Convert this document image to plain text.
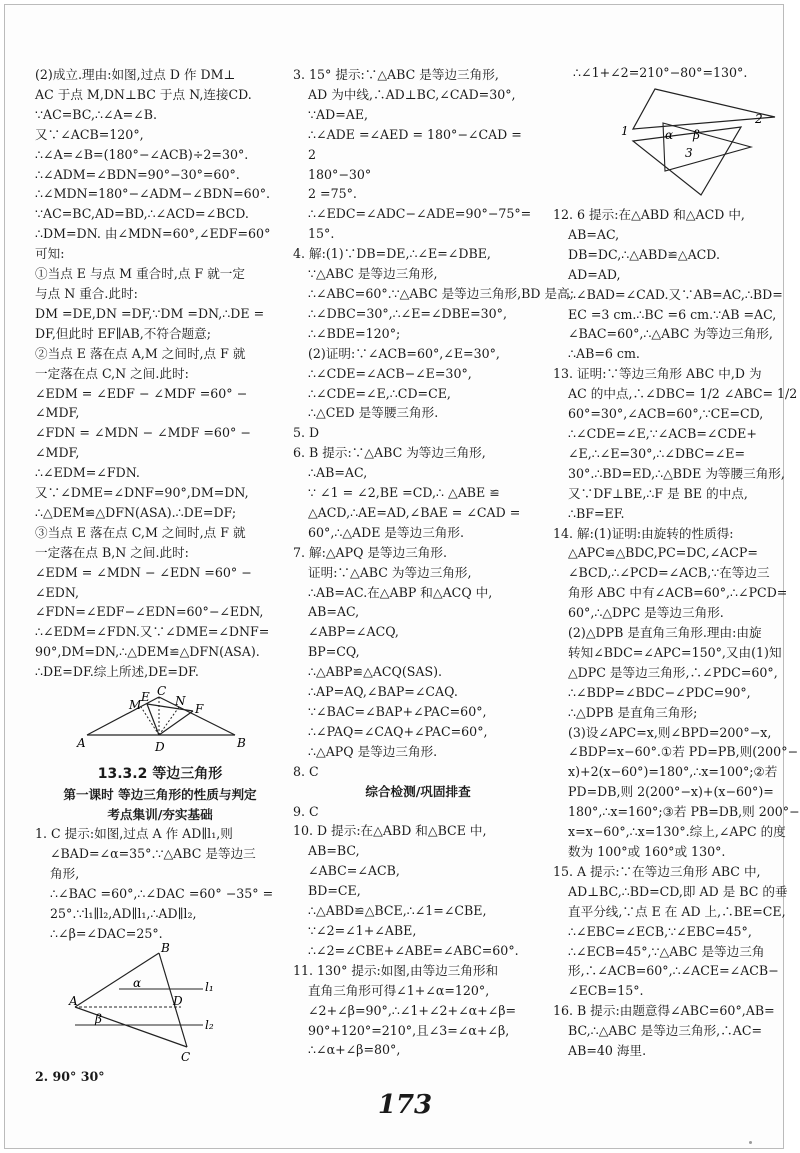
(2)成立.理由:如图,过点 D 作 DM⊥
AC 于点 M,DN⊥BC 于点 N,连接CD.
∵AC=BC,∴∠A=∠B.
又∵∠ACB=120°,
∴∠A=∠B=(180°−∠ACB)÷2=30°.
∴∠ADM=∠BDN=90°−30°=60°.
∴∠MDN=180°−∠ADM−∠BDN=60°.
∵AC=BC,AD=BD,∴∠ACD=∠BCD.
∴DM=DN. 由∠MDN=60°,∠EDF=60°
可知:
①当点 E 与点 M 重合时,点 F 就一定
与点 N 重合.此时:
DM =DE,DN =DF,∵DM =DN,∴DE =
DF,但此时 EF∥AB,不符合题意;
②当点 E 落在点 A,M 之间时,点 F 就
一定落在点 C,N 之间.此时:
∠EDM = ∠EDF − ∠MDF =60° −
∠MDF,
∠FDN = ∠MDN − ∠MDF =60° −
∠MDF,
∴∠EDM=∠FDN.
又∵∠DME=∠DNF=90°,DM=DN,
∴△DEM≌△DFN(ASA).∴DE=DF;
③当点 E 落在点 C,M 之间时,点 F 就
一定落在点 B,N 之间.此时:
∠EDM = ∠MDN − ∠EDN =60° −
∠EDN,
∠FDN=∠EDF−∠EDN=60°−∠EDN,
∴∠EDM=∠FDN.又∵∠DME=∠DNF=
90°,DM=DN,∴△DEM≌△DFN(ASA).
∴DE=DF.综上所述,DE=DF.
A	B
C
D
E
F
M	N
13.3.2 等边三角形
第一课时 等边三角形的性质与判定
考点集训/夯实基础
1. C 提示:如图,过点 A 作 AD∥l₁,则
∠BAD=∠α=35°.∵△ABC 是等边三
角形,
∴∠BAC =60°,∴∠DAC =60° −35° =
25°.∵l₁∥l₂,AD∥l₁,∴AD∥l₂,
∴∠β=∠DAC=25°.
B
A
C
D
α
β
l₁
l₂
2. 90° 30°
3. 15° 提示:∵△ABC 是等边三角形,
AD 为中线,∴AD⊥BC,∠CAD=30°,
∵AD=AE,
∴∠ADE =∠AED = 180°−∠CAD =
2
180°−30°
2 =75°.
∴∠EDC=∠ADC−∠ADE=90°−75°=
15°.
4. 解:(1)∵DB=DE,∴∠E=∠DBE,
∵△ABC 是等边三角形,
∴∠ABC=60°.∵△ABC 是等边三角形,BD 是高,
∴∠DBC=30°,∴∠E=∠DBE=30°,
∴∠BDE=120°;
(2)证明:∵∠ACB=60°,∠E=30°,
∴∠CDE=∠ACB−∠E=30°,
∴∠CDE=∠E,∴CD=CE,
∴△CED 是等腰三角形.
5. D
6. B 提示:∵△ABC 为等边三角形,
∴AB=AC,
∵ ∠1 = ∠2,BE =CD,∴ △ABE ≌
△ACD,∴AE=AD,∠BAE = ∠CAD =
60°,∴△ADE 是等边三角形.
7. 解:△APQ 是等边三角形.
证明:∵△ABC 为等边三角形,
∴AB=AC.在△ABP 和△ACQ 中,
AB=AC,
∠ABP=∠ACQ,
BP=CQ,
∴△ABP≌△ACQ(SAS).
∴AP=AQ,∠BAP=∠CAQ.
∵∠BAC=∠BAP+∠PAC=60°,
∴∠PAQ=∠CAQ+∠PAC=60°,
∴△APQ 是等边三角形.
8. C
综合检测/巩固排查
9. C
10. D 提示:在△ABD 和△BCE 中,
AB=BC,
∠ABC=∠ACB,
BD=CE,
∴△ABD≌△BCE,∴∠1=∠CBE,
∵∠2=∠1+∠ABE,
∴∠2=∠CBE+∠ABE=∠ABC=60°.
11. 130° 提示:如图,由等边三角形和
直角三角形可得∠1+∠α=120°,
∠2+∠β=90°,∴∠1+∠2+∠α+∠β=
90°+120°=210°,且∠3=∠α+∠β,
∴∠α+∠β=80°,
∴∠1+∠2=210°−80°=130°.
1
2
3
α β
12. 6 提示:在△ABD 和△ACD 中,
AB=AC,
DB=DC,∴△ABD≌△ACD.
AD=AD,
∴∠BAD=∠CAD.又∵AB=AC,∴BD=
EC =3 cm.∴BC =6 cm.∵AB =AC,
∠BAC=60°,∴△ABC 为等边三角形,
∴AB=6 cm.
13. 证明:∵等边三角形 ABC 中,D 为
AC 的中点,∴∠DBC= 1/2 ∠ABC= 1/2
60°=30°,∠ACB=60°,∵CE=CD,
∴∠CDE=∠E,∵∠ACB=∠CDE+
∠E,∴∠E=30°,∴∠DBC=∠E=
30°.∴BD=ED,∴△BDE 为等腰三角形,
又∵DF⊥BE,∴F 是 BE 的中点,
∴BF=EF.
14. 解:(1)证明:由旋转的性质得:
△APC≌△BDC,PC=DC,∠ACP=
∠BCD,∴∠PCD=∠ACB,∵在等边三
角形 ABC 中有∠ACB=60°,∴∠PCD=
60°,∴△DPC 是等边三角形.
(2)△DPB 是直角三角形.理由:由旋
转知∠BDC=∠APC=150°,又由(1)知
△DPC 是等边三角形,∴∠PDC=60°,
∴∠BDP=∠BDC−∠PDC=90°,
∴△DPB 是直角三角形;
(3)设∠APC=x,则∠BPD=200°−x,
∠BDP=x−60°.①若 PD=PB,则(200°−
x)+2(x−60°)=180°,∴x=100°;②若
PD=DB,则 2(200°−x)+(x−60°)=
180°,∴x=160°;③若 PB=DB,则 200°−
x=x−60°,∴x=130°.综上,∠APC 的度
数为 100°或 160°或 130°.
15. A 提示:∵在等边三角形 ABC 中,
AD⊥BC,∴BD=CD,即 AD 是 BC 的垂
直平分线,∵点 E 在 AD 上,∴BE=CE,
∴∠EBC=∠ECB,∵∠EBC=45°,
∴∠ECB=45°,∵△ABC 是等边三角
形,∴∠ACB=60°,∴∠ACE=∠ACB−
∠ECB=15°.
16. B 提示:由题意得∠ABC=60°,AB=
BC,∴△ABC 是等边三角形,∴AC=
AB=40 海里.
173
